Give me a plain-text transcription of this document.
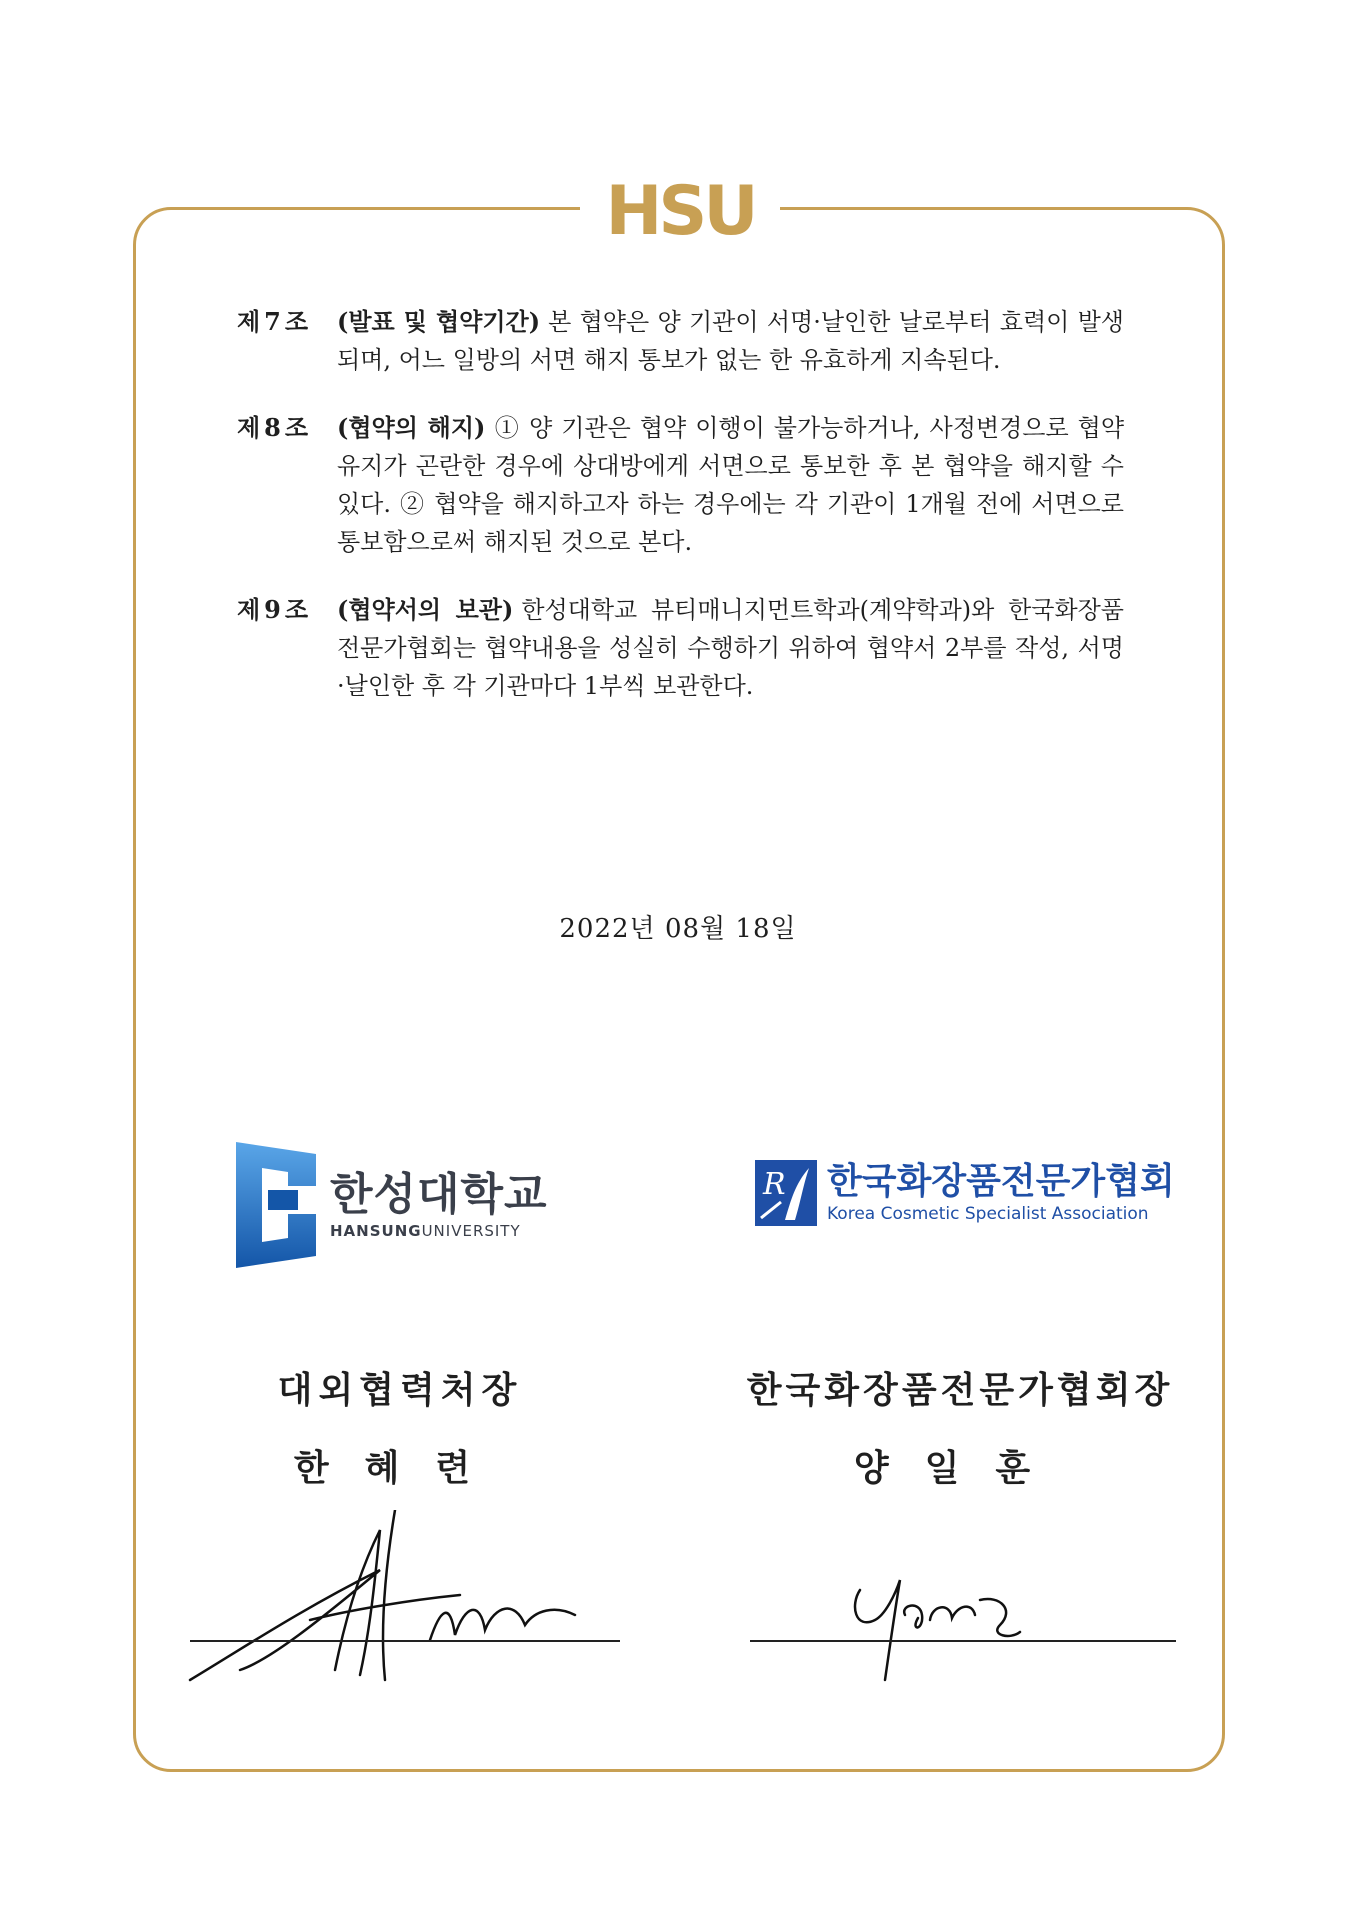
HSU
제7조	(발표 및 협약기간) 본 협약은 양 기관이 서명·날인한 날로부터 효력이 발생되며, 어느 일방의 서면 해지 통보가 없는 한 유효하게 지속된다.
제8조	(협약의 해지) ① 양 기관은 협약 이행이 불가능하거나, 사정변경으로 협약유지가 곤란한 경우에 상대방에게 서면으로 통보한 후 본 협약을 해지할 수 있다. ② 협약을 해지하고자 하는 경우에는 각 기관이 1개월 전에 서면으로 통보함으로써 해지된 것으로 본다.
제9조	(협약서의 보관) 한성대학교 뷰티매니지먼트학과(계약학과)와 한국화장품전문가협회는 협약내용을 성실히 수행하기 위하여 협약서 2부를 작성, 서명·날인한 후 각 기관마다 1부씩 보관한다.
2022년 08월 18일
한성대학교
HANSUNGUNIVERSITY
R 한국화장품전문가협회
Korea Cosmetic Specialist Association
대외협력처장
한혜련
한국화장품전문가협회장
양일훈
